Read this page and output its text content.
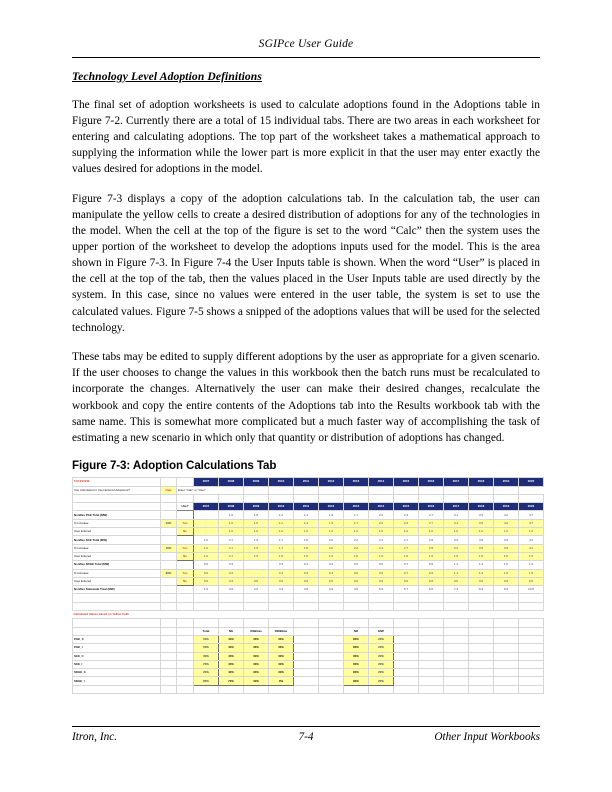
SGIPce User Guide
Technology Level Adoption Definitions

The final set of adoption worksheets is used to calculate adoptions found in the Adoptions table in Figure 7-2. Currently there are a total of 15 individual tabs. There are two areas in each worksheet for entering and calculating adoptions. The top part of the worksheet takes a mathematical approach to supplying the information while the lower part is more explicit in that the user may enter exactly the values desired for adoptions in the model.

Figure 7-3 displays a copy of the adoption calculations tab. In the calculation tab, the user can manipulate the yellow cells to create a desired distribution of adoptions for any of the technologies in the model. When the cell at the top of the figure is set to the word “Calc” then the system uses the upper portion of the worksheet to develop the adoptions inputs used for the model. This is the area shown in Figure 7-3. In Figure 7-4 the User Inputs table is shown. When the word “User” is placed in the cell at the top of the tab, then the values placed in the User Inputs table are used directly by the system. In this case, since no values were entered in the user table, the system is set to use the calculated values. Figure 7-5 shows a snipped of the adoptions values that will be used for the selected technology.

These tabs may be edited to supply different adoptions by the user as appropriate for a given scenario. If the user chooses to change the values in this workbook then the batch runs must be recalculated to incorporate the changes. Alternatively the user can make their desired changes, recalculate the workbook and copy the entire contents of the Adoptions tab into the Results workbook tab with the same name. This is somewhat more complicated but a much faster way of accomplishing the task of estimating a new scenario in which only that quantity or distribution of adoptions has changed.

Figure 7-3: Adoption Calculations Tab
FC1200kW			2007	2008	2009	2010	2011	2012	2013	2014	2015	2016	2017	2018	2019	2020
Use Calculated or User Entered Adoptions?	Calc	Enter "Calc" or "User"														

		Use?	2007	2008	2009	2010	2011	2012	2013	2014	2015	2016	2017	2018	2019	2020
NonRes PGE Total (MW)			-	1.6	1.8	1.2	1.3	1.5	1.7	2.0	2.3	2.7	3.1	3.5	4.0	4.7
% Increase	10%	Yes	-	1.6	1.8	1.2	1.3	1.5	1.7	2.0	2.3	2.7	3.1	3.5	4.0	4.7
User Entered		No	-	1.6	1.0	1.0	1.0	1.0	1.0	1.0	1.0	1.0	1.0	1.0	1.0	1.0
NonRes SCE Total (MW)			1.0	2.1	1.5	1.7	1.8	2.0	2.2	2.4	2.7	2.9	3.2	3.5	3.9	4.2
% Increase	10%	Yes	1.0	2.1	1.5	1.7	1.8	2.0	2.2	2.4	2.7	2.9	3.2	3.5	3.9	4.2
User Entered		No	1.0	2.1	1.5	1.5	1.5	1.5	1.5	1.5	1.5	1.5	1.5	1.5	1.5	1.5
NonRes SDGE Total (MW)			0.5	0.3	-	0.3	0.4	0.4	0.5	0.6	0.7	0.9	1.1	1.3	1.5	1.9
% Increase	20%	Yes	0.5	0.3	-	0.3	0.4	0.4	0.5	0.6	0.7	0.9	1.1	1.3	1.5	1.9
User Entered		No	0.5	0.3	0.5	0.5	0.5	0.5	0.5	0.5	0.5	0.5	0.5	0.5	0.5	0.5
NonRes Statewide Total (MW)			1.5	3.9	2.5	3.3	3.5	3.9	4.5	5.0	5.7	6.5	7.3	8.3	9.5	10.8

Calculated Values based on Yellow Cells																

			Total	NG	OSBGas	DIRBGas			NR	GNP						
PGE_C			50%	40%	30%	30%			80%	20%						
PGE_I			50%	40%	30%	30%			80%	20%						
SCE_C			30%	40%	30%	30%			80%	20%						
SCE_I			70%	40%	30%	30%			80%	20%						
SDGE_C			20%	40%	30%	30%			80%	20%						
SDGE_I			80%	70%	30%	0%			80%	20%						

Itron, Inc.	7-4	Other Input Workbooks
